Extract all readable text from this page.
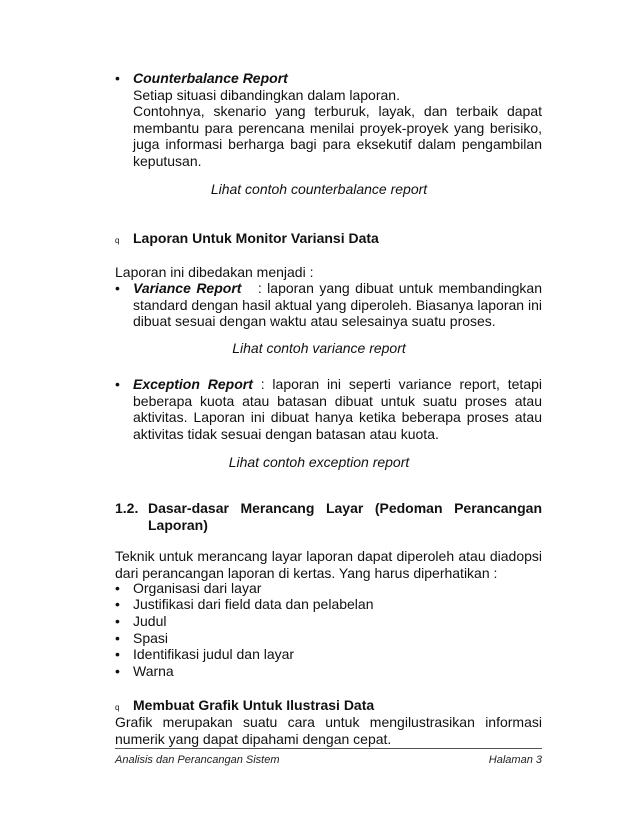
• Counterbalance Report
Setiap situasi dibandingkan dalam laporan.
Contohnya, skenario yang terburuk, layak, dan terbaik dapat membantu para perencana menilai proyek-proyek yang berisiko, juga informasi berharga bagi para eksekutif dalam pengambilan keputusan.
Lihat contoh counterbalance report
q Laporan Untuk Monitor Variansi Data
Laporan ini dibedakan menjadi :
• Variance Report : laporan yang dibuat untuk membandingkan standard dengan hasil aktual yang diperoleh. Biasanya laporan ini dibuat sesuai dengan waktu atau selesainya suatu proses.
Lihat contoh variance report
• Exception Report : laporan ini seperti variance report, tetapi beberapa kuota atau batasan dibuat untuk suatu proses atau aktivitas. Laporan ini dibuat hanya ketika beberapa proses atau aktivitas tidak sesuai dengan batasan atau kuota.
Lihat contoh exception report
1.2. Dasar-dasar Merancang Layar (Pedoman Perancangan Laporan)
Teknik untuk merancang layar laporan dapat diperoleh atau diadopsi dari perancangan laporan di kertas. Yang harus diperhatikan :
• Organisasi dari layar
• Justifikasi dari field data dan pelabelan
• Judul
• Spasi
• Identifikasi judul dan layar
• Warna
q Membuat Grafik Untuk Ilustrasi Data
Grafik merupakan suatu cara untuk mengilustrasikan informasi numerik yang dapat dipahami dengan cepat.
Analisis dan Perancangan Sistem	Halaman 3
